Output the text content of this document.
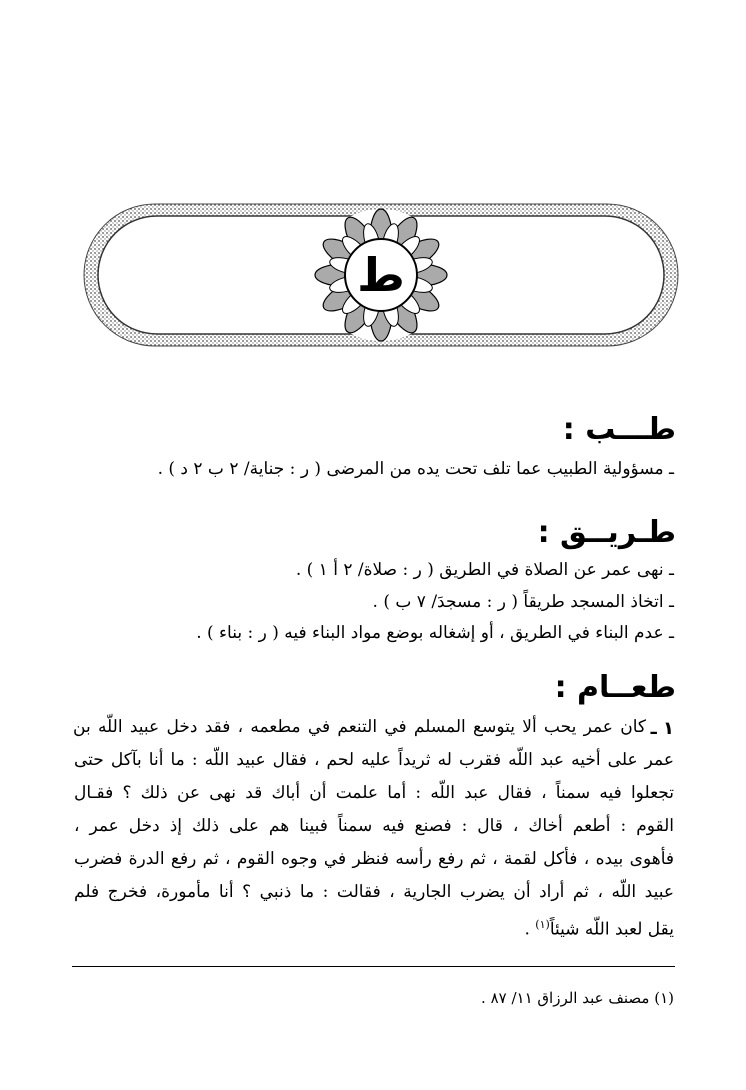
ط
طـــب :
ـ مسؤولية الطبيب عما تلف تحت يده من المرضى ( ر : جناية/ ٢ ب ٢ د ) .
طـريــق :
ـ نهى عمر عن الصلاة في الطريق ( ر : صلاة/ ٢ أ ١ ) .
ـ اتخاذ المسجد طريقاً ( ر : مسجدَ/ ٧ ب ) .
ـ عدم البناء في الطريق ، أو إشغاله بوضع مواد البناء فيه ( ر : بناء ) .
طعــام :
١ ـ
كان عمر يحب ألا يتوسع المسلم في التنعم في مطعمه ، فقد دخل عبيد اللّه بن
عمر على أخيه عبد اللّه فقرب له ثريداً عليه لحم ، فقال عبيد اللّه : ما أنا بآكل حتى
تجعلوا فيه سمناً ، فقال عبد اللّه : أما علمت أن أباك قد نهى عن ذلك ؟ فقـال
القوم : أطعم أخاك ، قال : فصنع فيه سمناً فبينا هم على ذلك إذ دخل عمر ،
فأهوى بيده ، فأكل لقمة ، ثم رفع رأسه فنظر في وجوه القوم ، ثم رفع الدرة فضرب
عبيد اللّه ، ثم أراد أن يضرب الجارية ، فقالت : ما ذنبي ؟ أنا مأمورة، فخرج فلم
يقل لعبد اللّه شيئاً$^{(١)}$ .
(١) مصنف عبد الرزاق ١١/ ٨٧ .
